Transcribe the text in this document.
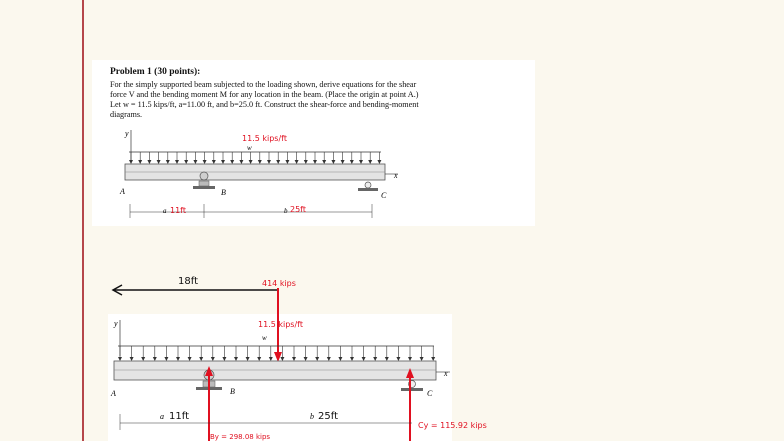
Problem 1 (30 points):

For the simply supported beam subjected to the loading shown, derive equations for the shear

force V and the bending moment M for any location in the beam. (Place the origin at point A.)

Let w = 11.5 kips/ft, a=11.00 ft, and b=25.0 ft. Construct the shear-force and bending-moment

diagrams.

y
x
w
11.5 kips/ft
B	C
A
a 11ft	b 25ft
18ft	414 kips
y	11.5 kips/ft
w
x
B	C
A
a 11ft	b 25ft
By = 298.08 kips
Cy = 115.92 kips
